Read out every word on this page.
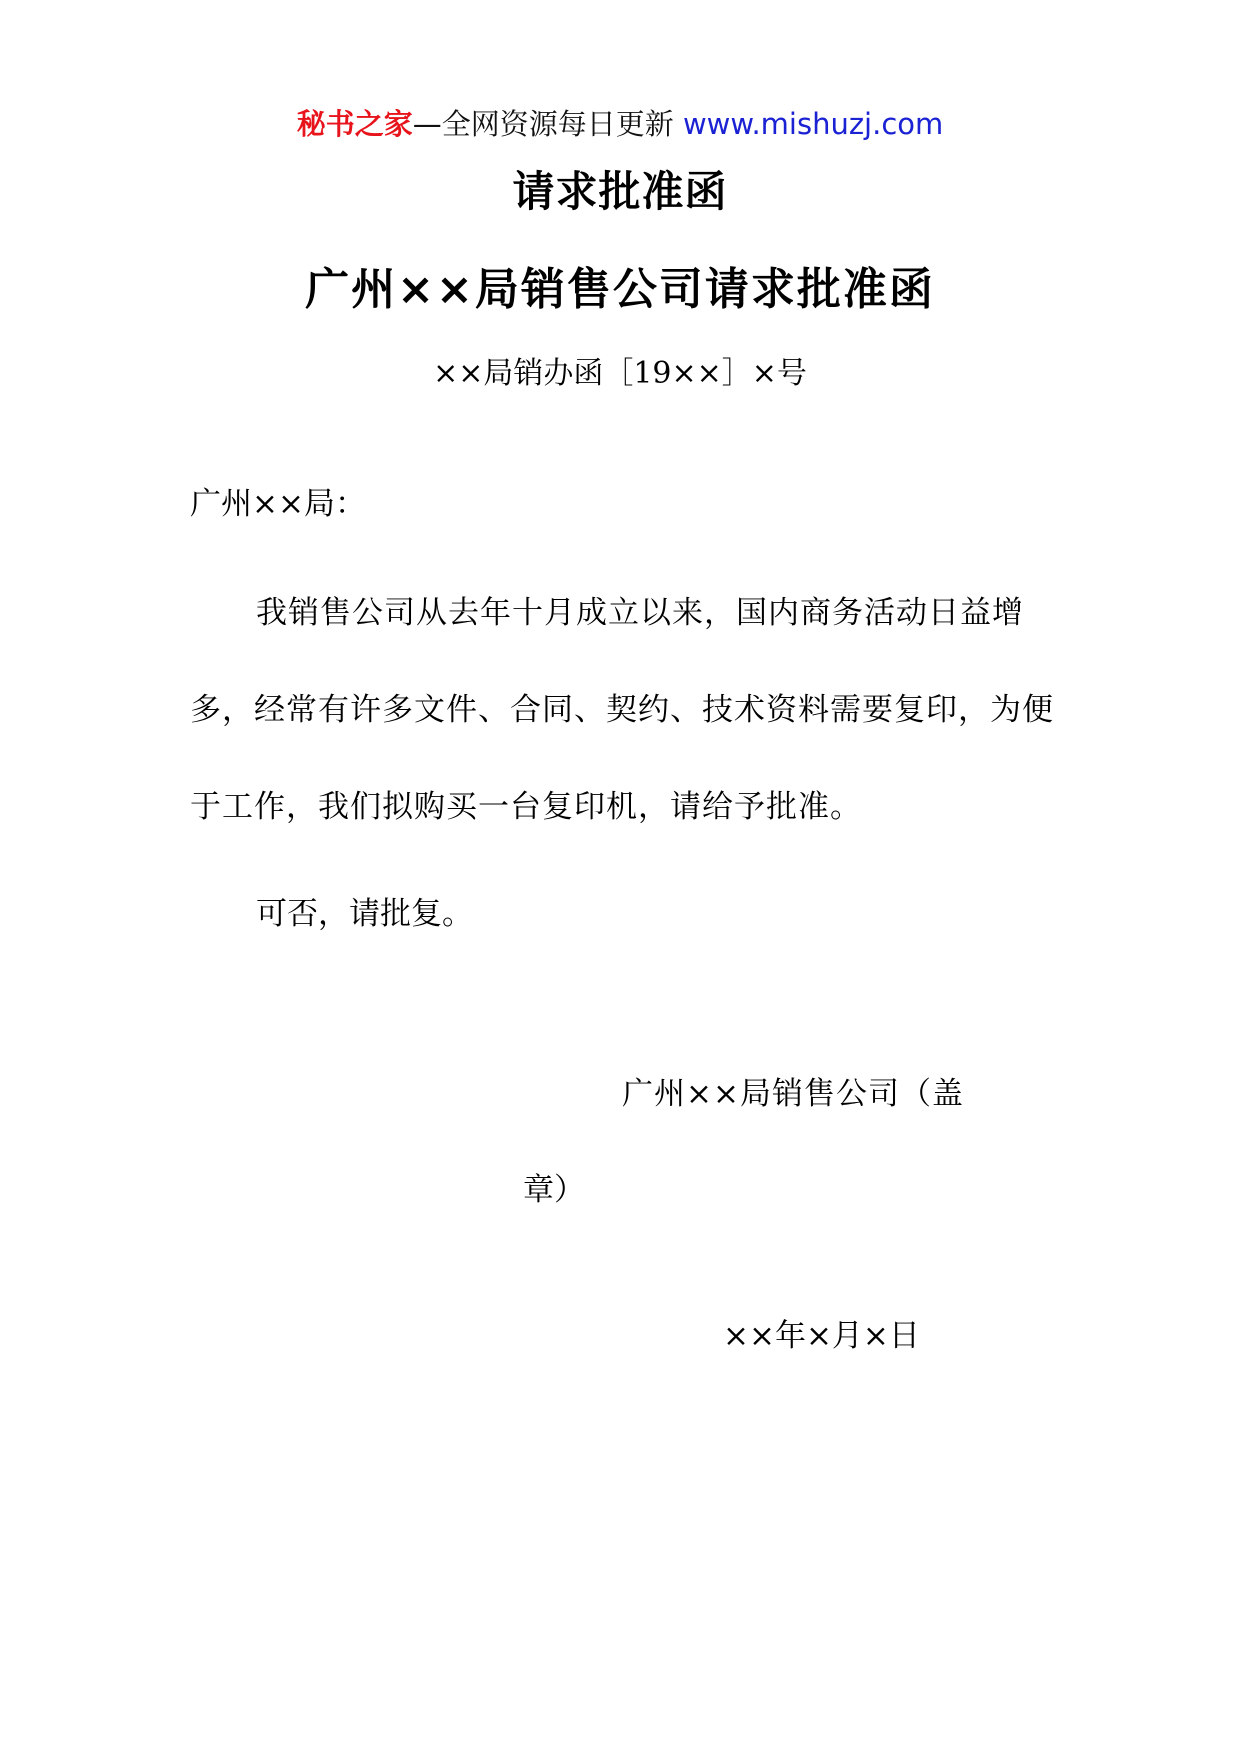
秘书之家—全网资源每日更新 www.mishuzj.com
请求批准函
广州××局销售公司请求批准函
××局销办函［19××］×号
广州××局：
我销售公司从去年十月成立以来，国内商务活动日益增多，经常有许多文件、合同、契约、技术资料需要复印，为便于工作，我们拟购买一台复印机，请给予批准。
可否，请批复。
广州××局销售公司（盖
章）
××年×月×日
